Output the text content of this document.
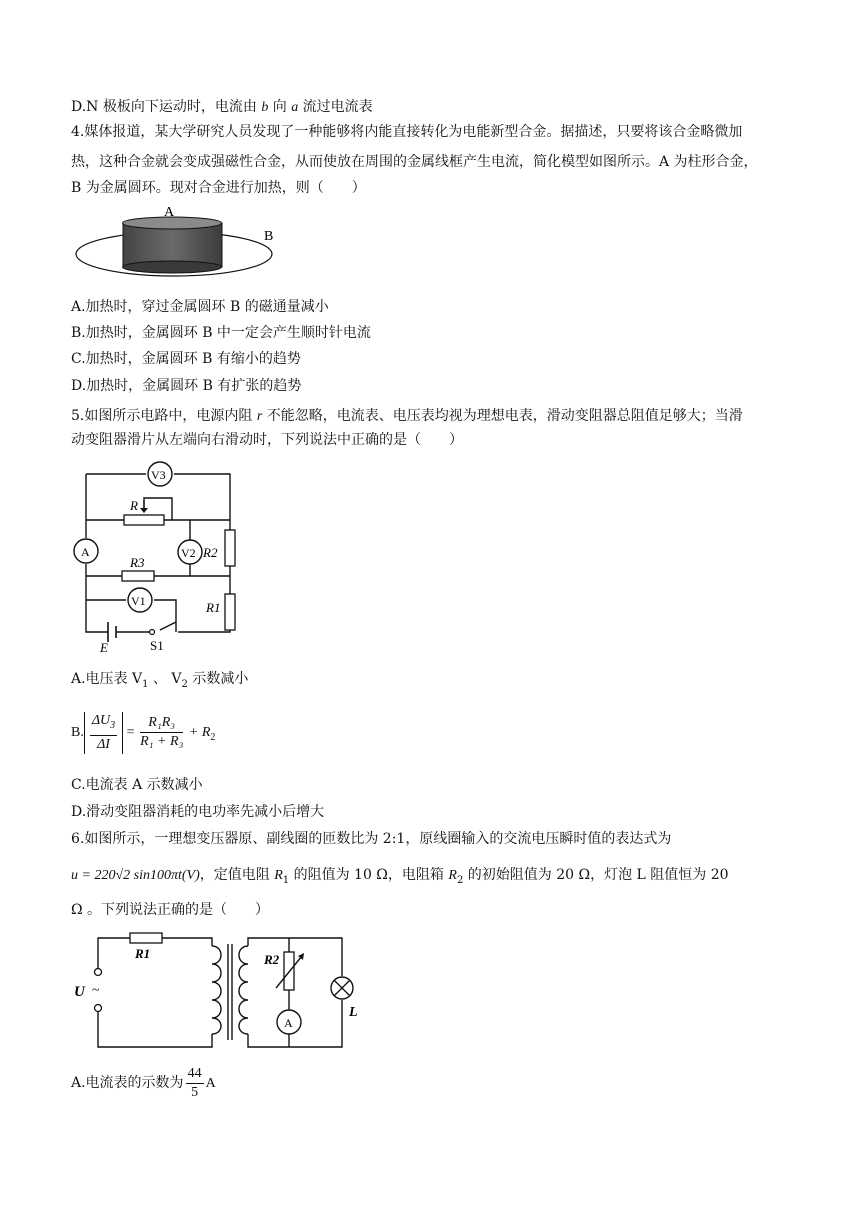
D.N 极板向下运动时，电流由 b 向 a 流过电流表
4.媒体报道，某大学研究人员发现了一种能够将内能直接转化为电能新型合金。据描述，只要将该合金略微加
热，这种合金就会变成强磁性合金，从而使放在周围的金属线框产生电流，简化模型如图所示。A 为柱形合金，
B 为金属圆环。现对合金进行加热，则（　　）
A
B
A.加热时，穿过金属圆环 B 的磁通量减小
B.加热时，金属圆环 B 中一定会产生顺时针电流
C.加热时，金属圆环 B 有缩小的趋势
D.加热时，金属圆环 B 有扩张的趋势
5.如图所示电路中，电源内阻 r 不能忽略，电流表、电压表均视为理想电表，滑动变阻器总阻值足够大；当滑
动变阻器滑片从左端向右滑动时，下列说法中正确的是（　　）
V3
R
A	V2 R2
R3
V1	R1
E	S1
A.电压表 $V_1$ 、 $V_2$ 示数减小
B. $\frac{\Delta U_3}{\Delta I} = \frac{\text{R₁R₃}}{\text{R₁ + R₃}} + R_2$
C.电流表 A 示数减小
D.滑动变阻器消耗的电功率先减小后增大
6.如图所示，一理想变压器原、副线圈的匝数比为 2:1，原线圈输入的交流电压瞬时值的表达式为
u = 220√2 sin100πt(V)，定值电阻 $R_1$ 的阻值为 10 Ω，电阻箱 $R_2$ 的初始阻值为 20 Ω，灯泡 L 阻值恒为 20
Ω 。下列说法正确的是（　　）
U ~
R1	R2
A
L
A.电流表的示数为 $\frac{44}{5}$ A
